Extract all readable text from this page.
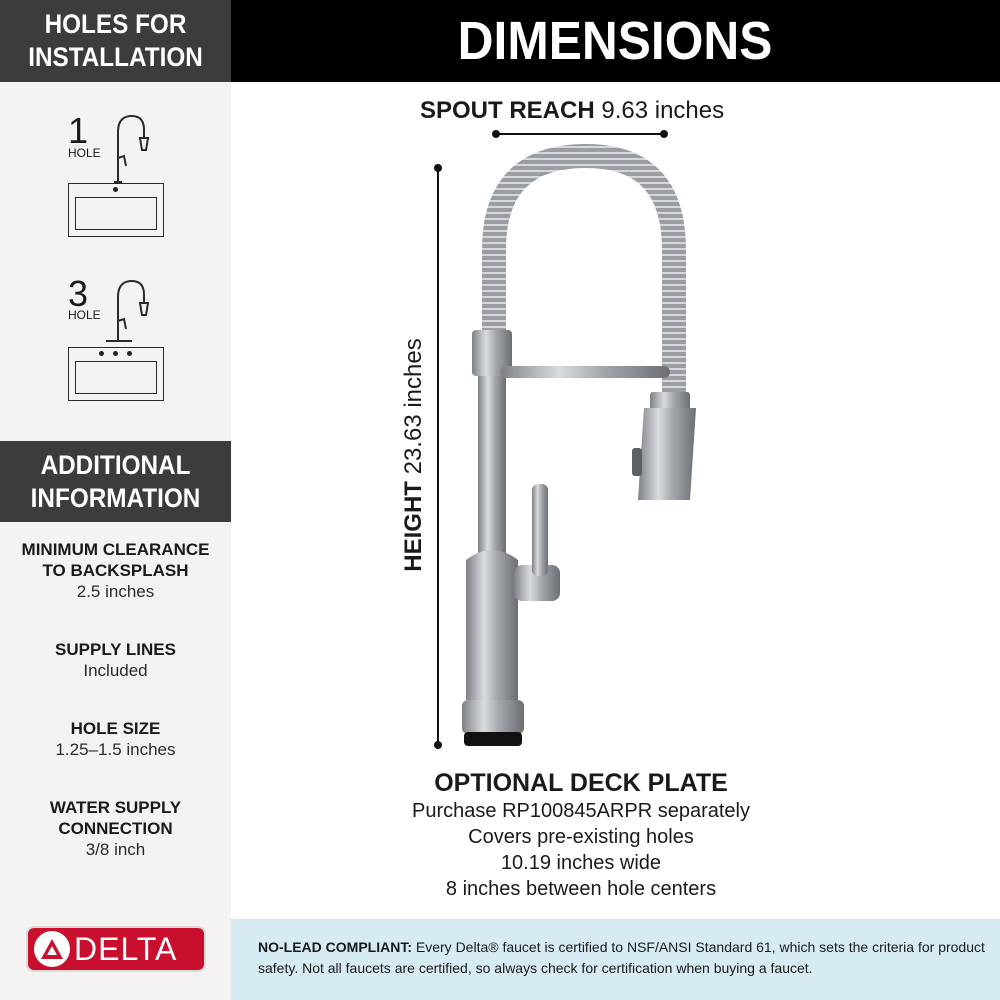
HOLES FOR
INSTALLATION
1
HOLE
3
HOLE
ADDITIONAL
INFORMATION
MINIMUM CLEARANCE
TO BACKSPLASH
2.5 inches
SUPPLY LINES
Included
HOLE SIZE
1.25–1.5 inches
WATER SUPPLY
CONNECTION
3/8 inch
DELTA
DIMENSIONS
SPOUT REACH 9.63 inches
HEIGHT 23.63 inches
OPTIONAL DECK PLATE
Purchase RP100845ARPR separately
Covers pre-existing holes
10.19 inches wide
8 inches between hole centers
NO-LEAD COMPLIANT: Every Delta® faucet is certified to NSF/ANSI Standard 61, which sets the criteria for product safety. Not all faucets are certified, so always check for certification when buying a faucet.
